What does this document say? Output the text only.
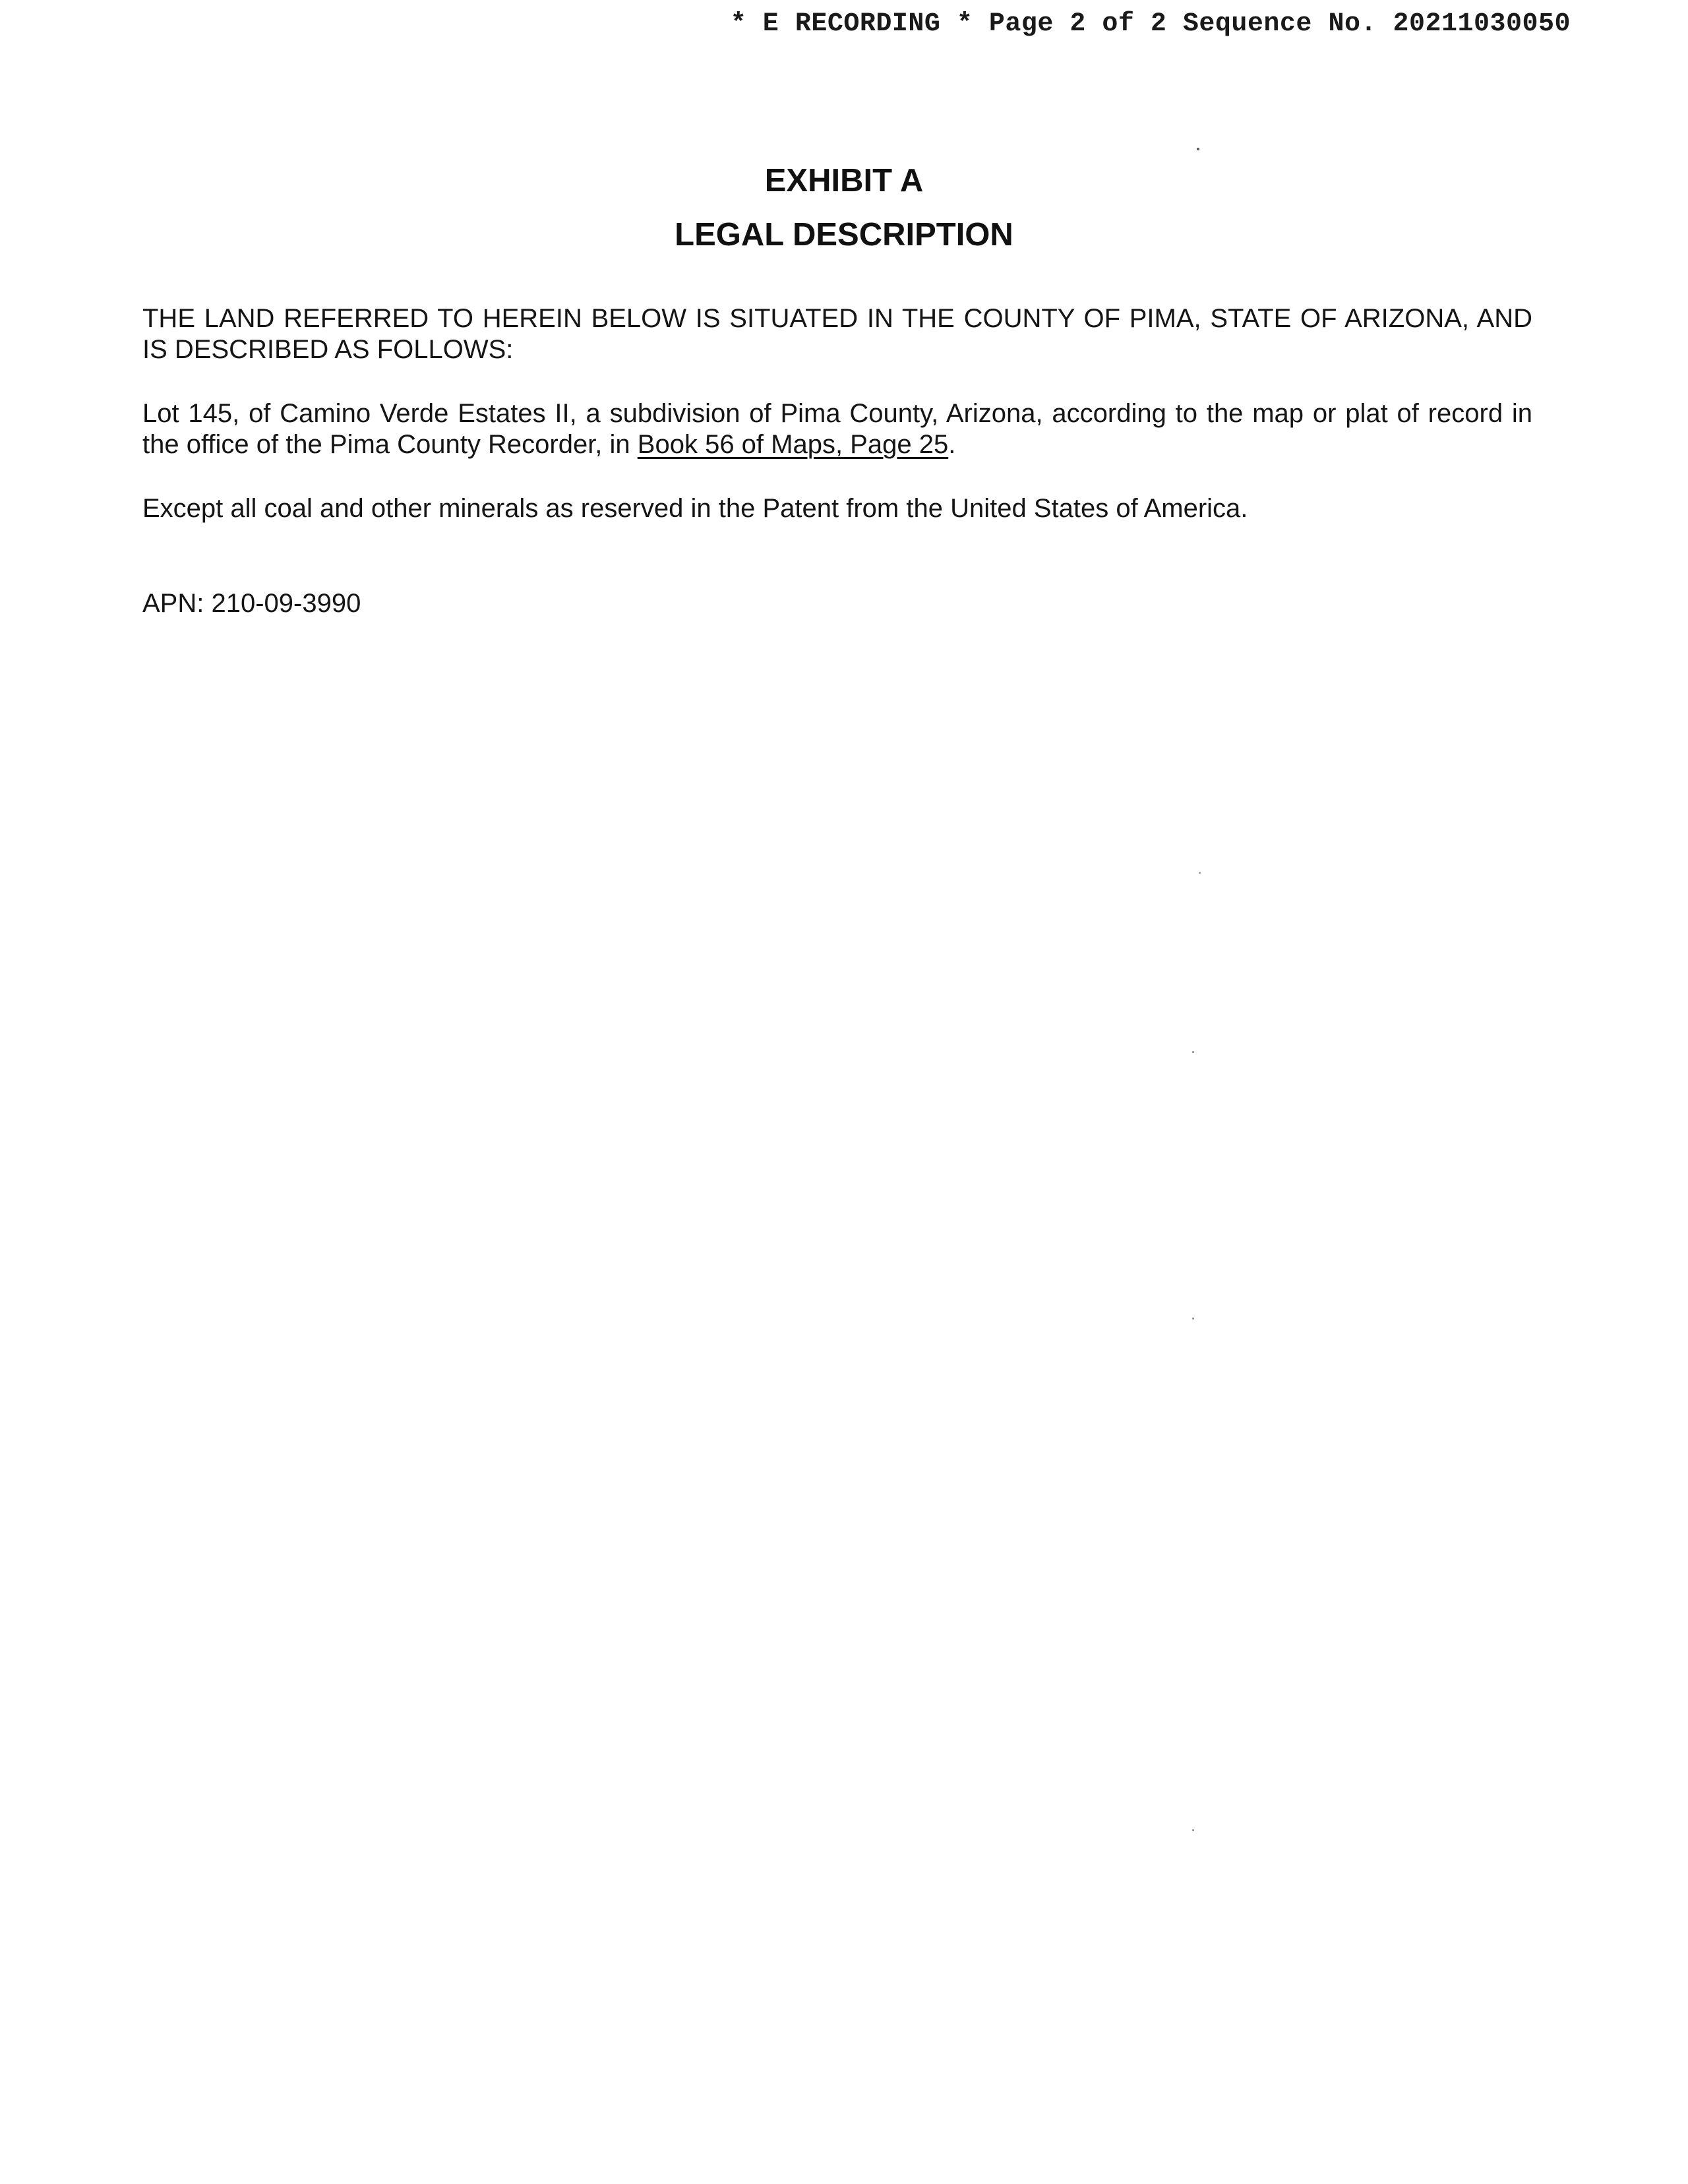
* E RECORDING * Page 2 of 2 Sequence No. 20211030050
EXHIBIT A
LEGAL DESCRIPTION
THE LAND REFERRED TO HEREIN BELOW IS SITUATED IN THE COUNTY OF PIMA, STATE OF ARIZONA, AND IS DESCRIBED AS FOLLOWS:
Lot 145, of Camino Verde Estates II, a subdivision of Pima County, Arizona, according to the map or plat of record in the office of the Pima County Recorder, in Book 56 of Maps, Page 25.
Except all coal and other minerals as reserved in the Patent from the United States of America.
APN: 210-09-3990
